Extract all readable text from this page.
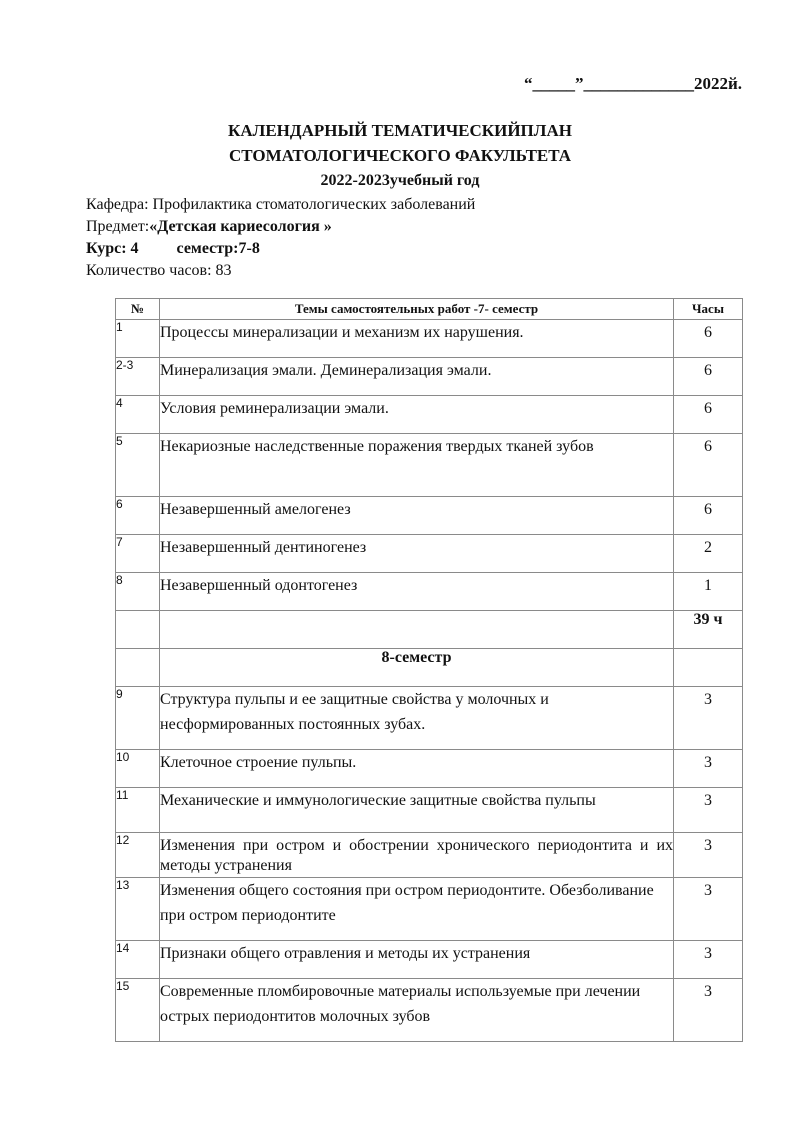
“_____”_____________2022й.
КАЛЕНДАРНЫЙ ТЕМАТИЧЕСКИЙПЛАН
СТОМАТОЛОГИЧЕСКОГО ФАКУЛЬТЕТА
2022-2023учебный год
Кафедра: Профилактика стоматологических заболеваний
Предмет:«Детская кариесология »
Курс: 4 семестр:7-8
Количество часов: 83
№	Темы самостоятельных работ -7- семестр	Часы
1	Процессы минерализации и механизм их нарушения.	6
2-3	Минерализация эмали. Деминерализация эмали.	6
4	Условия реминерализации эмали.	6
5	Некариозные наследственные поражения твердых тканей зубов	6
6	Незавершенный амелогенез	6
7	Незавершенный дентиногенез	2
8	Незавершенный одонтогенез	1
		39 ч
	8-семестр	
9	Структура пульпы и ее защитные свойства у молочных и несформированных постоянных зубах.	3
10	Клеточное строение пульпы.	3
11	Механические и иммунологические защитные свойства пульпы	3
12	Изменения при остром и обострении хронического периодонтита и их методы устранения	3
13	Изменения общего состояния при остром периодонтите. Обезболивание при остром периодонтите	3
14	Признаки общего отравления и методы их устранения	3
15	Современные пломбировочные материалы используемые при лечении острых периодонтитов молочных зубов	3
